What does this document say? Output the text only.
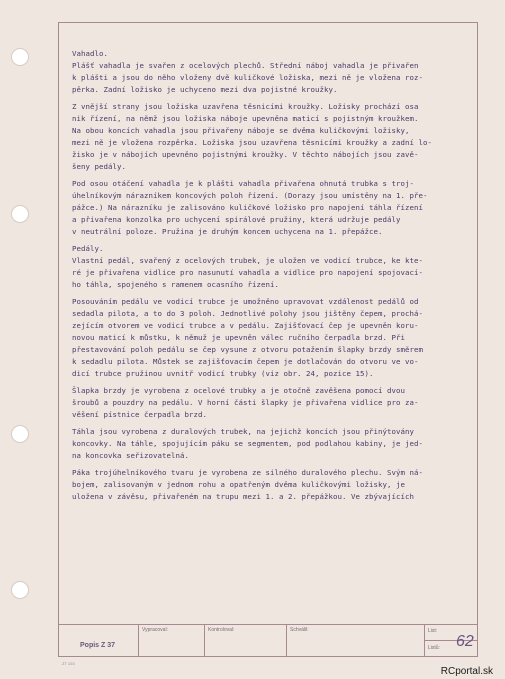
Vahadlo.

Plášť vahadla je svařen z ocelových plechů. Střední náboj vahadla je přivařen
k plášti a jsou do něho vloženy dvě kuličkové ložiska, mezi ně je vložena roz-
pěrka. Zadní ložisko je uchyceno mezi dva pojistné kroužky.

Z vnější strany jsou ložiska uzavřena těsnicími kroužky. Ložisky prochází osa
nik řízení, na němž jsou ložiska náboje upevněna maticí s pojistným kroužkem.
Na obou koncích vahadla jsou přivařeny náboje se dvěma kuličkovými ložisky,
mezi ně je vložena rozpěrka. Ložiska jsou uzavřena těsnicími kroužky a zadní lo-
žisko je v nábojích upevněno pojistnými kroužky. V těchto nábojích jsou zavě-
šeny pedály.

Pod osou otáčení vahadla je k plášti vahadla přivařena ohnutá trubka s troj-
úhelníkovým nárazníkem koncových poloh řízení. (Dorazy jsou umístěny na 1. pře-
pážce.) Na nárazníku je zalisováno kuličkové ložisko pro napojení táhla řízení
a přivařena konzolka pro uchycení spirálové pružiny, která udržuje pedály
v neutrální poloze. Pružina je druhým koncem uchycena na 1. přepážce.

Pedály.

Vlastní pedál, svařený z ocelových trubek, je uložen ve vodicí trubce, ke kte-
ré je přivařena vidlice pro nasunutí vahadla a vidlice pro napojení spojovací-
ho táhla, spojeného s ramenem ocasního řízení.

Posouváním pedálu ve vodicí trubce je umožněno upravovat vzdálenost pedálů od
sedadla pilota, a to do 3 poloh. Jednotlivé polohy jsou jištěny čepem, prochá-
zejícím otvorem ve vodicí trubce a v pedálu. Zajišťovací čep je upevněn koru-
novou maticí k můstku, k němuž je upevněn válec ručního čerpadla brzd. Při
přestavování poloh pedálu se čep vysune z otvoru potažením šlapky brzdy směrem
k sedadlu pilota. Můstek se zajišťovacím čepem je dotlačován do otvoru ve vo-
dicí trubce pružinou uvnitř vodicí trubky (viz obr. 24, pozice 15).

Šlapka brzdy je vyrobena z ocelové trubky a je otočně zavěšena pomocí dvou
šroubů a pouzdry na pedálu. V horní části šlapky je přivařena vidlice pro za-
věšení pístnice čerpadla brzd.

Táhla jsou vyrobena z duralových trubek, na jejichž koncích jsou přinýtovány
koncovky. Na táhle, spojujícím páku se segmentem, pod podlahou kabiny, je jed-
na koncovka seřizovatelná.

Páka trojúhelníkového tvaru je vyrobena ze silného duralového plechu. Svým ná-
bojem, zalisovaným v jednom rohu a opatřeným dvěma kuličkovými ložisky, je
uložena v závěsu, přivařeném na trupu mezi 1. a 2. přepážkou. Ve zbývajících

Popis Z 37
Vypracoval:	Kontroloval:	Schválil:	List:
Listů: 62
ZT 103
RCportal.sk
